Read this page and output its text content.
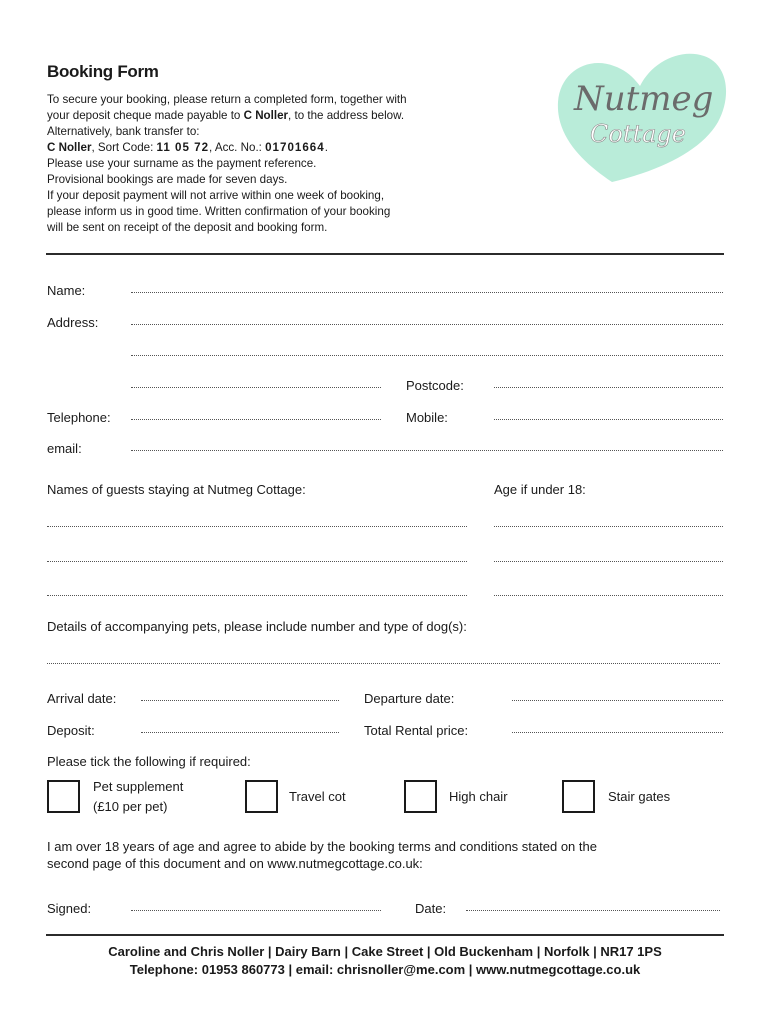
Booking Form

To secure your booking, please return a completed form, together with

your deposit cheque made payable to C Noller, to the address below.

Alternatively, bank transfer to:

C Noller, Sort Code: 11 05 72, Acc. No.: 01701664.

Please use your surname as the payment reference.

Provisional bookings are made for seven days.

If your deposit payment will not arrive within one week of booking,

please inform us in good time. Written confirmation of your booking

will be sent on receipt of the deposit and booking form.

Nutmeg
Cottage
Name:
Address:
Postcode:
Telephone:	Mobile:
email:
Names of guests staying at Nutmeg Cottage:	Age if under 18:
Details of accompanying pets, please include number and type of dog(s):
Arrival date:	Departure date:
Deposit:	Total Rental price:
Please tick the following if required:
Pet supplement
(£10 per pet)
Travel cot	High chair	Stair gates
I am over 18 years of age and agree to abide by the booking terms and conditions stated on the
second page of this document and on www.nutmegcottage.co.uk:
Signed:	Date:
Caroline and Chris Noller | Dairy Barn | Cake Street | Old Buckenham | Norfolk | NR17 1PS
Telephone: 01953 860773 | email: chrisnoller@me.com | www.nutmegcottage.co.uk
